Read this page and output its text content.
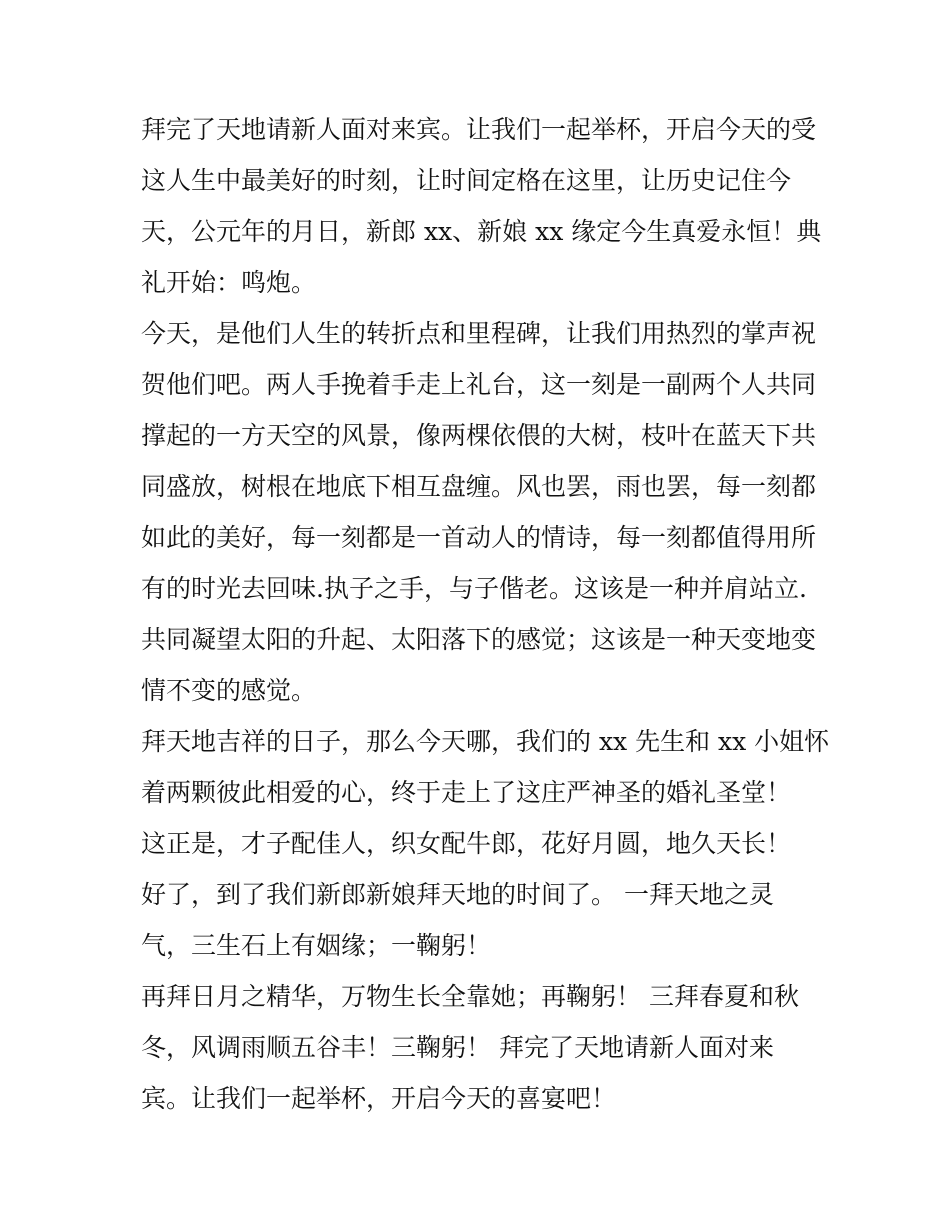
拜完了天地请新人面对来宾。让我们一起举杯，开启今天的受
这人生中最美好的时刻，让时间定格在这里，让历史记住今
天，公元年的月日，新郎 xx、新娘 xx 缘定今生真爱永恒！典
礼开始：鸣炮。
今天，是他们人生的转折点和里程碑，让我们用热烈的掌声祝
贺他们吧。两人手挽着手走上礼台，这一刻是一副两个人共同
撑起的一方天空的风景，像两棵依偎的大树，枝叶在蓝天下共
同盛放，树根在地底下相互盘缠。风也罢，雨也罢，每一刻都
如此的美好，每一刻都是一首动人的情诗，每一刻都值得用所
有的时光去回味.执子之手，与子偕老。这该是一种并肩站立.
共同凝望太阳的升起、太阳落下的感觉；这该是一种天变地变
情不变的感觉。
拜天地吉祥的日子，那么今天哪，我们的 xx 先生和 xx 小姐怀
着两颗彼此相爱的心，终于走上了这庄严神圣的婚礼圣堂！
这正是，才子配佳人，织女配牛郎，花好月圆，地久天长！
好了，到了我们新郎新娘拜天地的时间了。 一拜天地之灵
气，三生石上有姻缘；一鞠躬！
再拜日月之精华，万物生长全靠她；再鞠躬！ 三拜春夏和秋
冬，风调雨顺五谷丰！三鞠躬！ 拜完了天地请新人面对来
宾。让我们一起举杯，开启今天的喜宴吧！
